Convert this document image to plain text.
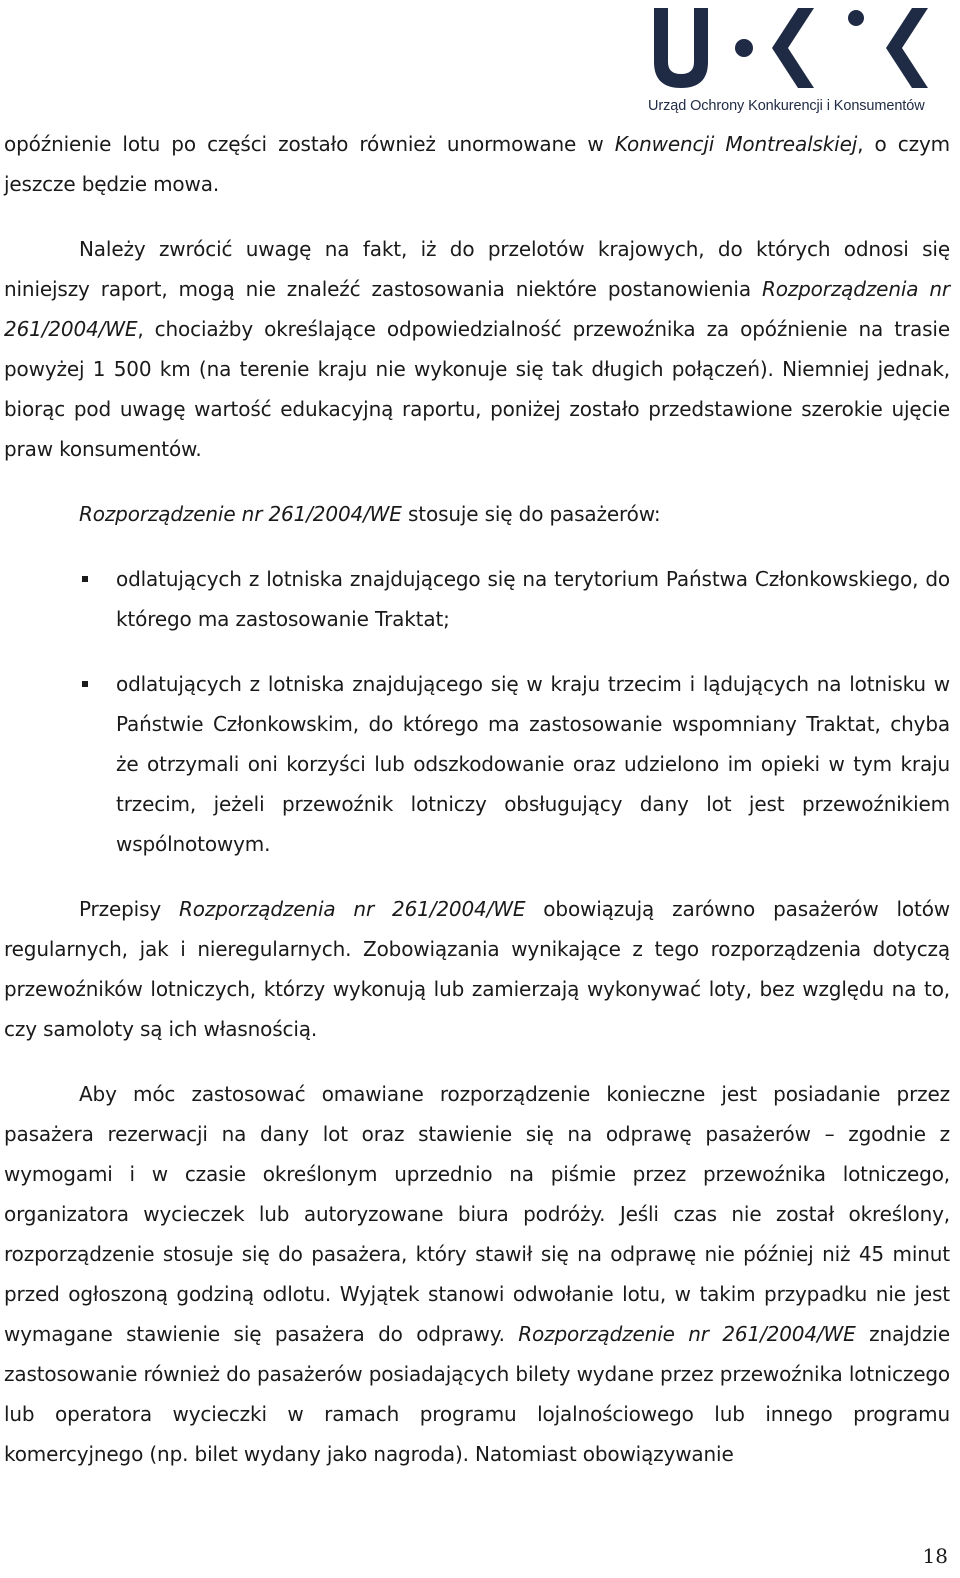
Urząd Ochrony Konkurencji i Konsumentów

opóźnienie lotu po części zostało również unormowane w Konwencji Montrealskiej, o czym jeszcze będzie mowa.

Należy zwrócić uwagę na fakt, iż do przelotów krajowych, do których odnosi się niniejszy raport, mogą nie znaleźć zastosowania niektóre postanowienia Rozporządzenia nr 261/2004/WE, chociażby określające odpowiedzialność przewoźnika za opóźnienie na trasie powyżej 1 500 km (na terenie kraju nie wykonuje się tak długich połączeń). Niemniej jednak, biorąc pod uwagę wartość edukacyjną raportu, poniżej zostało przedstawione szerokie ujęcie praw konsumentów.

Rozporządzenie nr 261/2004/WE stosuje się do pasażerów:

odlatujących z lotniska znajdującego się na terytorium Państwa Członkowskiego, do którego ma zastosowanie Traktat;
odlatujących z lotniska znajdującego się w kraju trzecim i lądujących na lotnisku w Państwie Członkowskim, do którego ma zastosowanie wspomniany Traktat, chyba że otrzymali oni korzyści lub odszkodowanie oraz udzielono im opieki w tym kraju trzecim, jeżeli przewoźnik lotniczy obsługujący dany lot jest przewoźnikiem wspólnotowym.

Przepisy Rozporządzenia nr 261/2004/WE obowiązują zarówno pasażerów lotów regularnych, jak i nieregularnych. Zobowiązania wynikające z tego rozporządzenia dotyczą przewoźników lotniczych, którzy wykonują lub zamierzają wykonywać loty, bez względu na to, czy samoloty są ich własnością.

Aby móc zastosować omawiane rozporządzenie konieczne jest posiadanie przez pasażera rezerwacji na dany lot oraz stawienie się na odprawę pasażerów – zgodnie z wymogami i w czasie określonym uprzednio na piśmie przez przewoźnika lotniczego, organizatora wycieczek lub autoryzowane biura podróży. Jeśli czas nie został określony, rozporządzenie stosuje się do pasażera, który stawił się na odprawę nie później niż 45 minut przed ogłoszoną godziną odlotu. Wyjątek stanowi odwołanie lotu, w takim przypadku nie jest wymagane stawienie się pasażera do odprawy. Rozporządzenie nr 261/2004/WE znajdzie zastosowanie również do pasażerów posiadających bilety wydane przez przewoźnika lotniczego lub operatora wycieczki w ramach programu lojalnościowego lub innego programu komercyjnego (np. bilet wydany jako nagroda). Natomiast obowiązywanie

18
